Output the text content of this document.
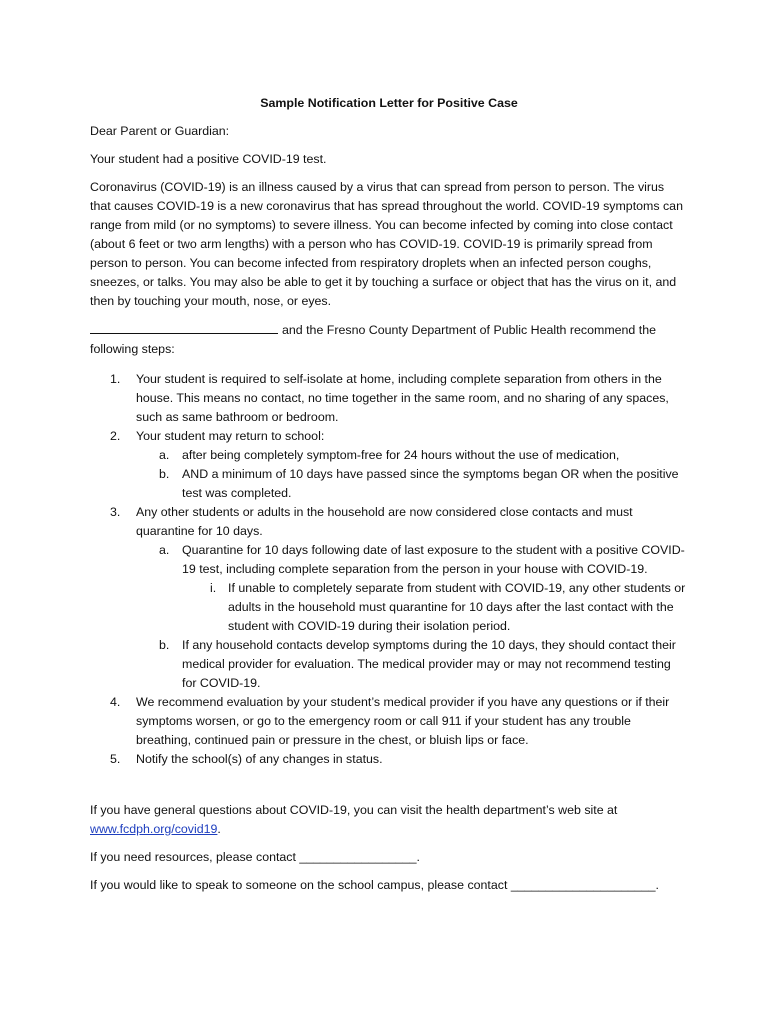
Sample Notification Letter for Positive Case

Dear Parent or Guardian:

Your student had a positive COVID-19 test.

Coronavirus (COVID-19) is an illness caused by a virus that can spread from person to person. The virus that causes COVID-19 is a new coronavirus that has spread throughout the world. COVID-19 symptoms can range from mild (or no symptoms) to severe illness. You can become infected by coming into close contact (about 6 feet or two arm lengths) with a person who has COVID-19. COVID-19 is primarily spread from person to person. You can become infected from respiratory droplets when an infected person coughs, sneezes, or talks. You may also be able to get it by touching a surface or object that has the virus on it, and then by touching your mouth, nose, or eyes.

and the Fresno County Department of Public Health recommend the following steps:

1. Your student is required to self-isolate at home, including complete separation from others in the house. This means no contact, no time together in the same room, and no sharing of any spaces, such as same bathroom or bedroom.
2. Your student may return to school:
a. after being completely symptom-free for 24 hours without the use of medication,
b. AND a minimum of 10 days have passed since the symptoms began OR when the positive test was completed.
3. Any other students or adults in the household are now considered close contacts and must quarantine for 10 days.
a. Quarantine for 10 days following date of last exposure to the student with a positive COVID-19 test, including complete separation from the person in your house with COVID-19.
i. If unable to completely separate from student with COVID-19, any other students or adults in the household must quarantine for 10 days after the last contact with the student with COVID-19 during their isolation period.
b. If any household contacts develop symptoms during the 10 days, they should contact their medical provider for evaluation. The medical provider may or may not recommend testing for COVID-19.
4. We recommend evaluation by your student’s medical provider if you have any questions or if their symptoms worsen, or go to the emergency room or call 911 if your student has any trouble breathing, continued pain or pressure in the chest, or bluish lips or face.
5. Notify the school(s) of any changes in status.

If you have general questions about COVID-19, you can visit the health department’s web site at www.fcdph.org/covid19.

If you need resources, please contact _________________.

If you would like to speak to someone on the school campus, please contact _____________________.
